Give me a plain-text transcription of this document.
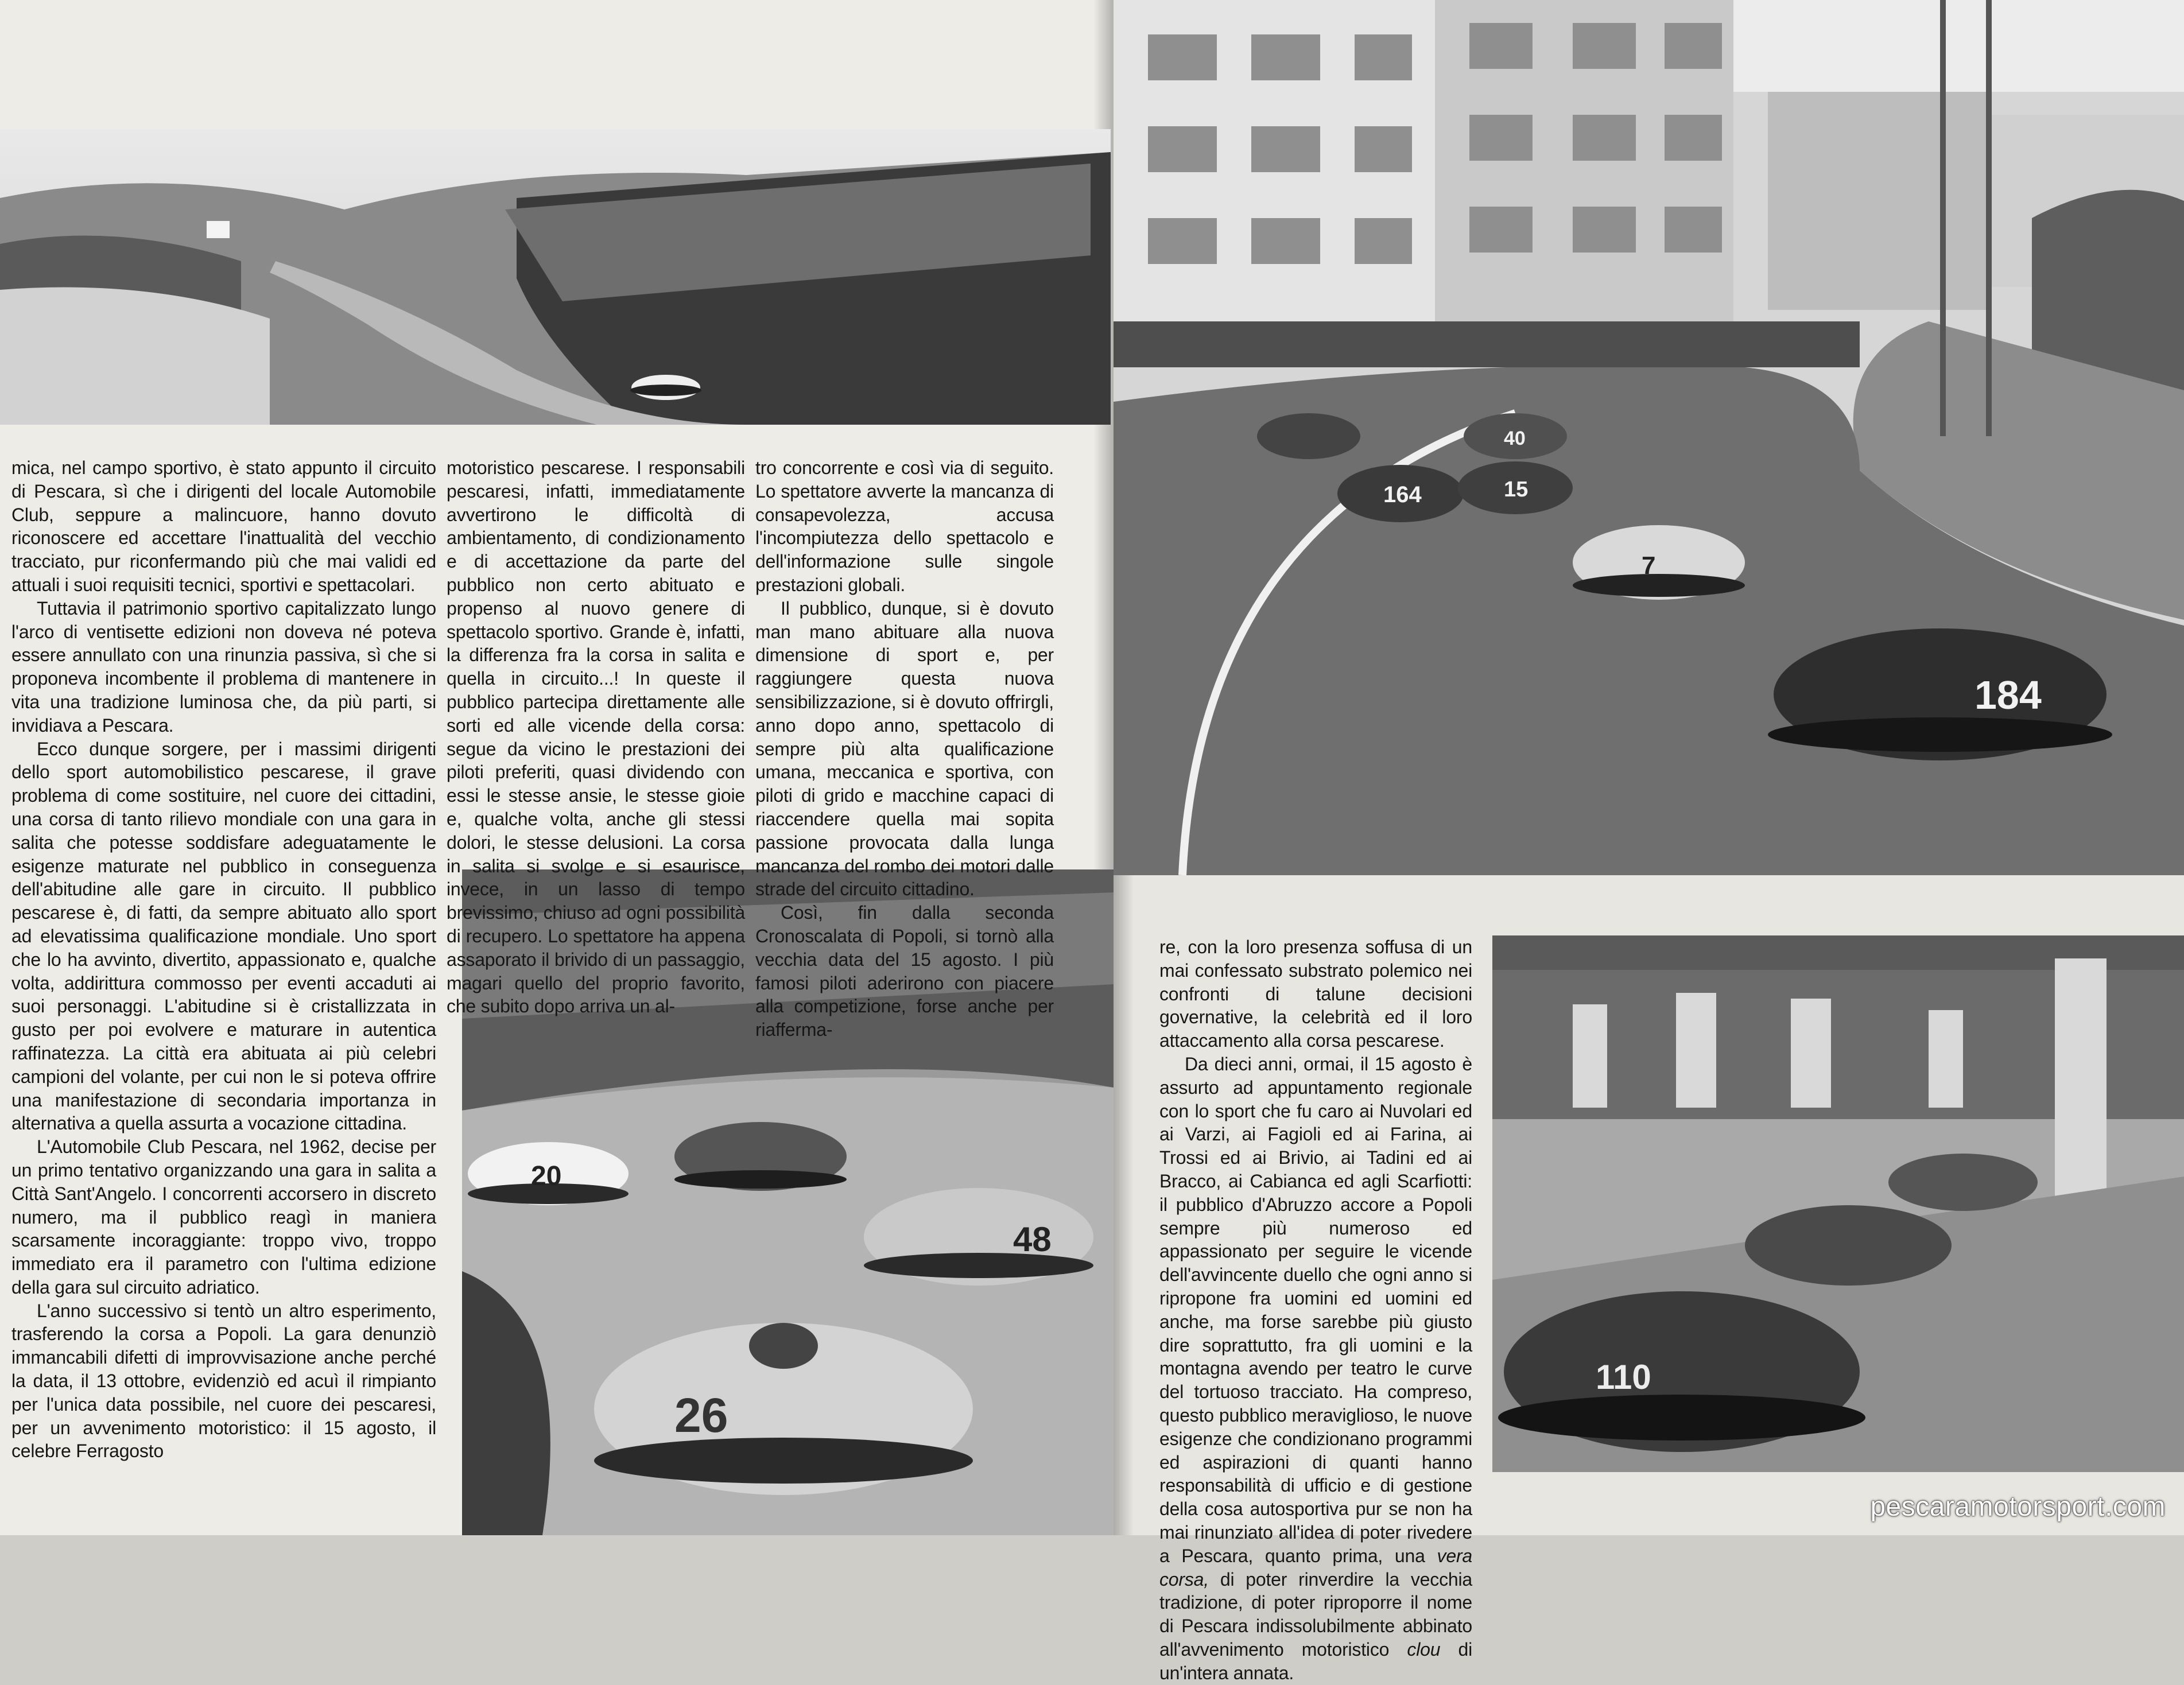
20
48
26
164
40
15
7
184
110

mica, nel campo sportivo, è stato appunto il circuito di Pescara, sì che i dirigenti del locale Automobile Club, seppure a malincuore, hanno dovuto riconoscere ed accettare l'inattualità del vecchio tracciato, pur riconfermando più che mai validi ed attuali i suoi requisiti tecnici, sportivi e spettacolari.

Tuttavia il patrimonio sportivo capitalizzato lungo l'arco di ventisette edizioni non doveva né poteva essere annullato con una rinunzia passiva, sì che si proponeva incombente il problema di mantenere in vita una tradizione luminosa che, da più parti, si invidiava a Pescara.

Ecco dunque sorgere, per i massimi dirigenti dello sport automobilistico pescarese, il grave problema di come sostituire, nel cuore dei cittadini, una corsa di tanto rilievo mondiale con una gara in salita che potesse soddisfare adeguatamente le esigenze maturate nel pubblico in conseguenza dell'abitudine alle gare in circuito. Il pubblico pescarese è, di fatti, da sempre abituato allo sport ad elevatissima qualificazione mondiale. Uno sport che lo ha avvinto, divertito, appassionato e, qualche volta, addirittura commosso per eventi accaduti ai suoi personaggi. L'abitudine si è cristallizzata in gusto per poi evolvere e maturare in autentica raffinatezza. La città era abituata ai più celebri campioni del volante, per cui non le si poteva offrire una manifestazione di secondaria importanza in alternativa a quella assurta a vocazione cittadina.

L'Automobile Club Pescara, nel 1962, decise per un primo tentativo organizzando una gara in salita a Città Sant'Angelo. I concorrenti accorsero in discreto numero, ma il pubblico reagì in maniera scarsamente incoraggiante: troppo vivo, troppo immediato era il parametro con l'ultima edizione della gara sul circuito adriatico.

L'anno successivo si tentò un altro esperimento, trasferendo la corsa a Popoli. La gara denunziò immancabili difetti di improvvisazione anche perché la data, il 13 ottobre, evidenziò ed acuì il rimpianto per l'unica data possibile, nel cuore dei pescaresi, per un avvenimento motoristico: il 15 agosto, il celebre Ferragosto

motoristico pescarese. I responsabili pescaresi, infatti, immediatamente avvertirono le difficoltà di ambientamento, di condizionamento e di accettazione da parte del pubblico non certo abituato e propenso al nuovo genere di spettacolo sportivo. Grande è, infatti, la differenza fra la corsa in salita e quella in circuito...! In queste il pubblico partecipa direttamente alle sorti ed alle vicende della corsa: segue da vicino le prestazioni dei piloti preferiti, quasi dividendo con essi le stesse ansie, le stesse gioie e, qualche volta, anche gli stessi dolori, le stesse delusioni. La corsa in salita si svolge e si esaurisce, invece, in un lasso di tempo brevissimo, chiuso ad ogni possibilità di recupero. Lo spettatore ha appena assaporato il brivido di un passaggio, magari quello del proprio favorito, che subito dopo arriva un al-

tro concorrente e così via di seguito. Lo spettatore avverte la mancanza di consapevolezza, accusa l'incompiutezza dello spettacolo e dell'informazione sulle singole prestazioni globali.

Il pubblico, dunque, si è dovuto man mano abituare alla nuova dimensione di sport e, per raggiungere questa nuova sensibilizzazione, si è dovuto offrirgli, anno dopo anno, spettacolo di sempre più alta qualificazione umana, meccanica e sportiva, con piloti di grido e macchine capaci di riaccendere quella mai sopita passione provocata dalla lunga mancanza del rombo dei motori dalle strade del circuito cittadino.

Così, fin dalla seconda Cronoscalata di Popoli, si tornò alla vecchia data del 15 agosto. I più famosi piloti aderirono con piacere alla competizione, forse anche per riafferma-

re, con la loro presenza soffusa di un mai confessato substrato polemico nei confronti di talune decisioni governative, la celebrità ed il loro attaccamento alla corsa pescarese.

Da dieci anni, ormai, il 15 agosto è assurto ad appuntamento regionale con lo sport che fu caro ai Nuvolari ed ai Varzi, ai Fagioli ed ai Farina, ai Trossi ed ai Brivio, ai Tadini ed ai Bracco, ai Cabianca ed agli Scarfiotti: il pubblico d'Abruzzo accore a Popoli sempre più numeroso ed appassionato per seguire le vicende dell'avvincente duello che ogni anno si ripropone fra uomini ed uomini ed anche, ma forse sarebbe più giusto dire soprattutto, fra gli uomini e la montagna avendo per teatro le curve del tortuoso tracciato. Ha compreso, questo pubblico meraviglioso, le nuove esigenze che condizionano programmi ed aspirazioni di quanti hanno responsabilità di ufficio e di gestione della cosa autosportiva pur se non ha mai rinunziato all'idea di poter rivedere a Pescara, quanto prima, una vera corsa, di poter rinverdire la vecchia tradizione, di poter riproporre il nome di Pescara indissolubilmente abbinato all'avvenimento motoristico clou di un'intera annata.

pescaramotorsport.com
